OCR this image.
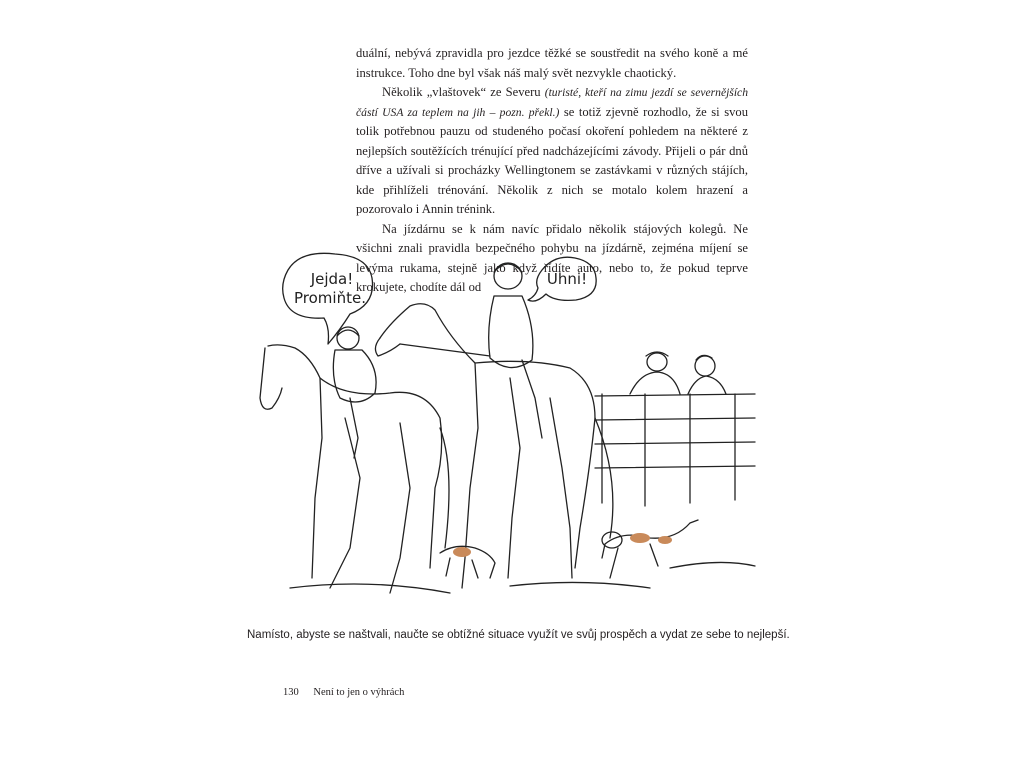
duální, nebývá zpravidla pro jezdce těžké se soustředit na svého koně a mé instrukce. Toho dne byl však náš malý svět nezvykle chaotický.

Několik „vlaštovek“ ze Severu (turisté, kteří na zimu jezdí se severnějších částí USA za teplem na jih – pozn. překl.) se totiž zjevně rozhodlo, že si svou tolik potřebnou pauzu od studeného počasí okoření pohledem na některé z nejlepších soutěžících trénující před nadcházejícími závody. Přijeli o pár dnů dříve a užívali si procházky Wellingtonem se zastávkami v různých stájích, kde přihlíželi trénování. Několik z nich se motalo kolem hrazení a pozorovalo i Annin trénink.

Na jízdárnu se k nám navíc přidalo několik stájových kolegů. Ne všichni znali pravidla bezpečného pohybu na jízdárně, zejména míjení se levýma rukama, stejně jako když řídíte auto, nebo to, že pokud teprve krokujete, chodíte dál od

Jejda!
Promiňte.
Uhni!
Namísto, abyste se naštvali, naučte se obtížné situace využít ve svůj prospěch a vydat ze sebe to nejlepší.
130 Není to jen o výhrách
